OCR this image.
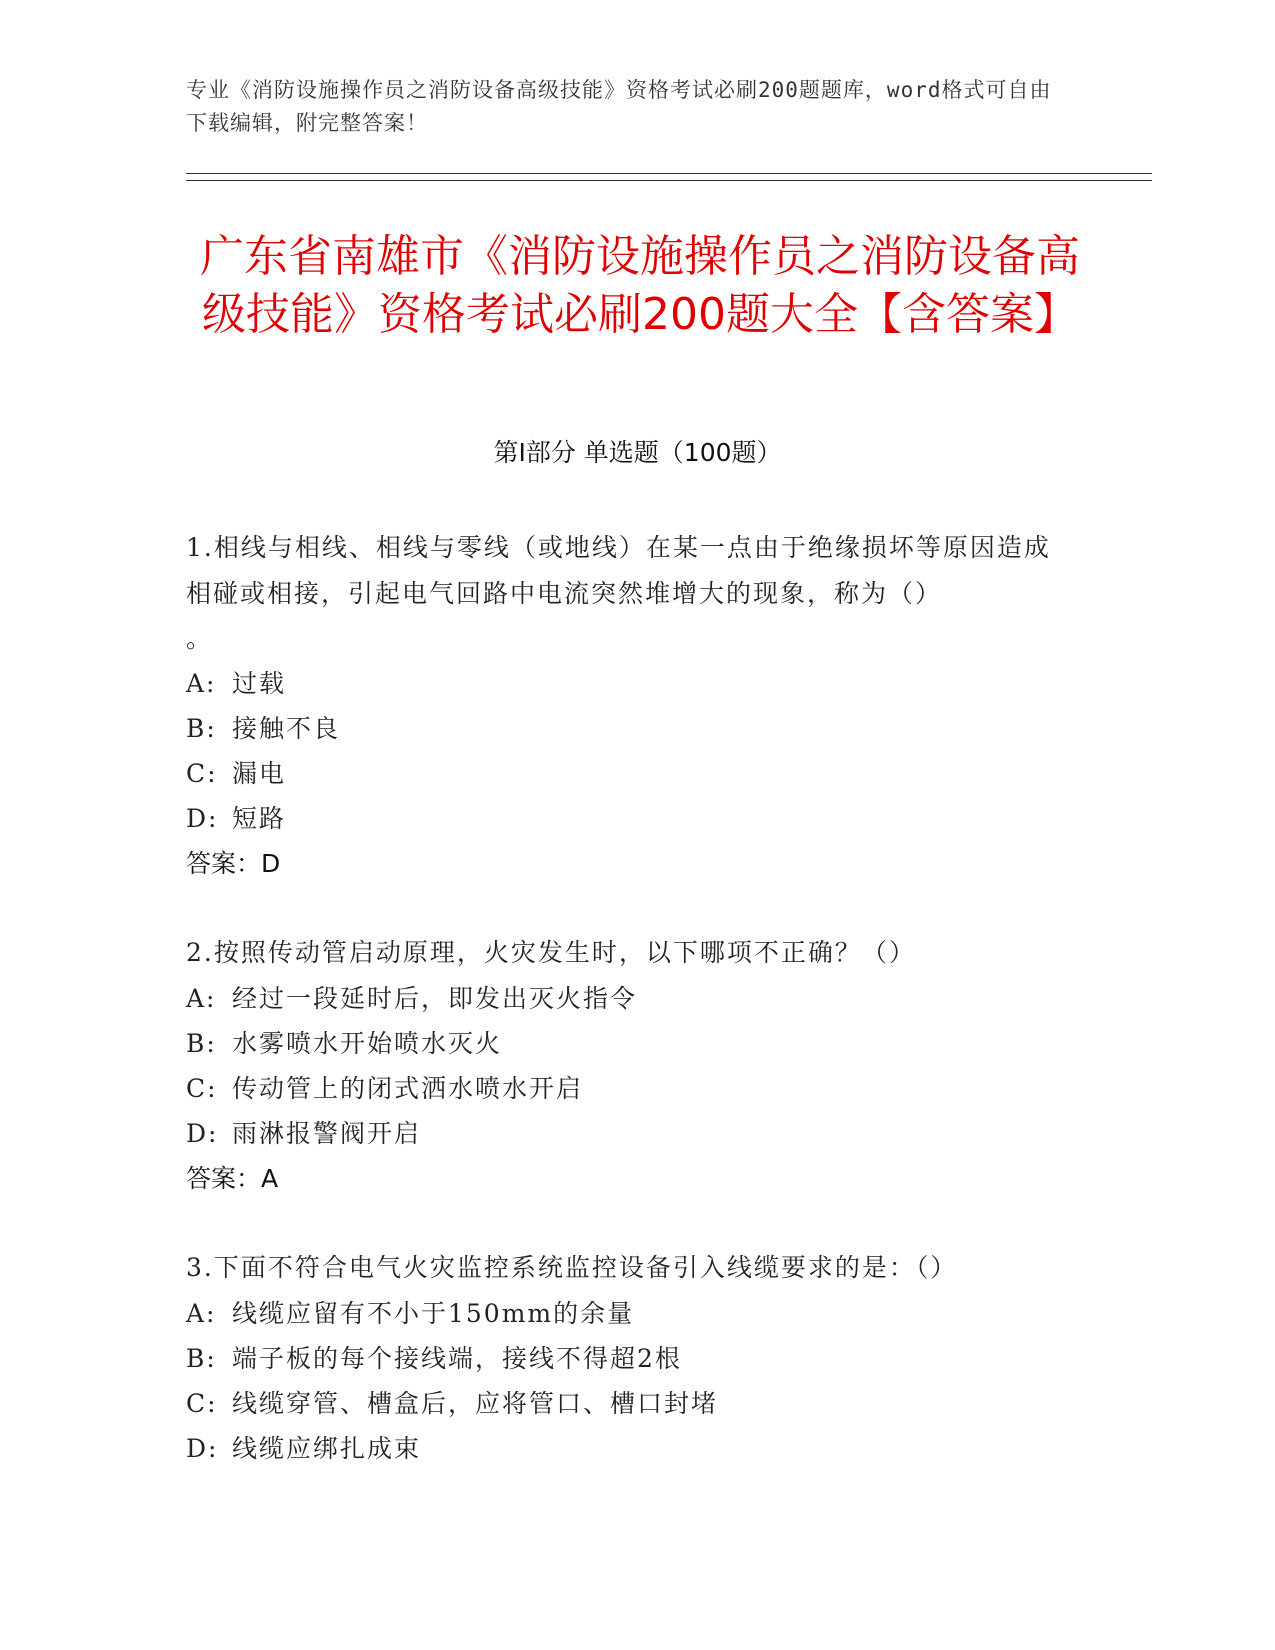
专业《消防设施操作员之消防设备高级技能》资格考试必刷200题题库，word格式可自由下载编辑，附完整答案！
广东省南雄市《消防设施操作员之消防设备高级技能》资格考试必刷200题大全【含答案】
第I部分 单选题（100题）

1.相线与相线、相线与零线（或地线）在某一点由于绝缘损坏等原因造成相碰或相接，引起电气回路中电流突然堆增大的现象，称为（）

。

A: 过载

B: 接触不良

C: 漏电

D: 短路

答案：D

2.按照传动管启动原理，火灾发生时，以下哪项不正确？（）

A: 经过一段延时后，即发出灭火指令

B: 水雾喷水开始喷水灭火

C: 传动管上的闭式洒水喷水开启

D: 雨淋报警阀开启

答案：A

3.下面不符合电气火灾监控系统监控设备引入线缆要求的是：（）

A: 线缆应留有不小于150mm的余量

B: 端子板的每个接线端，接线不得超2根

C: 线缆穿管、槽盒后，应将管口、槽口封堵

D: 线缆应绑扎成束
